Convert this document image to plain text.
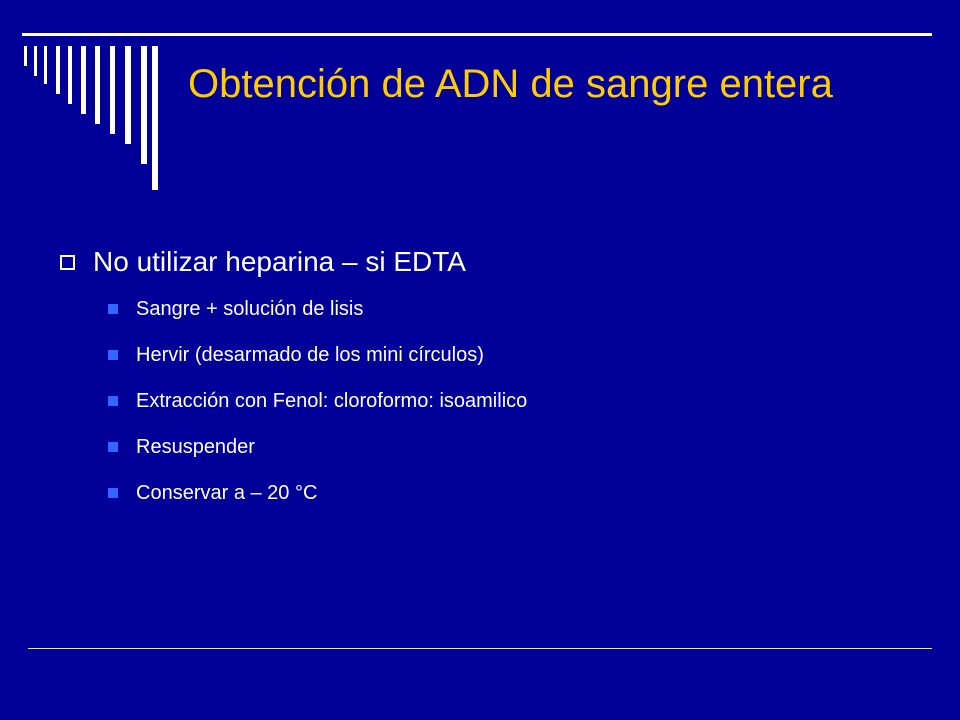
Obtención de ADN de sangre entera
No utilizar heparina – si EDTA
Sangre + solución de lisis
Hervir (desarmado de los mini círculos)
Extracción con Fenol: cloroformo: isoamilico
Resuspender
Conservar a – 20 °C
